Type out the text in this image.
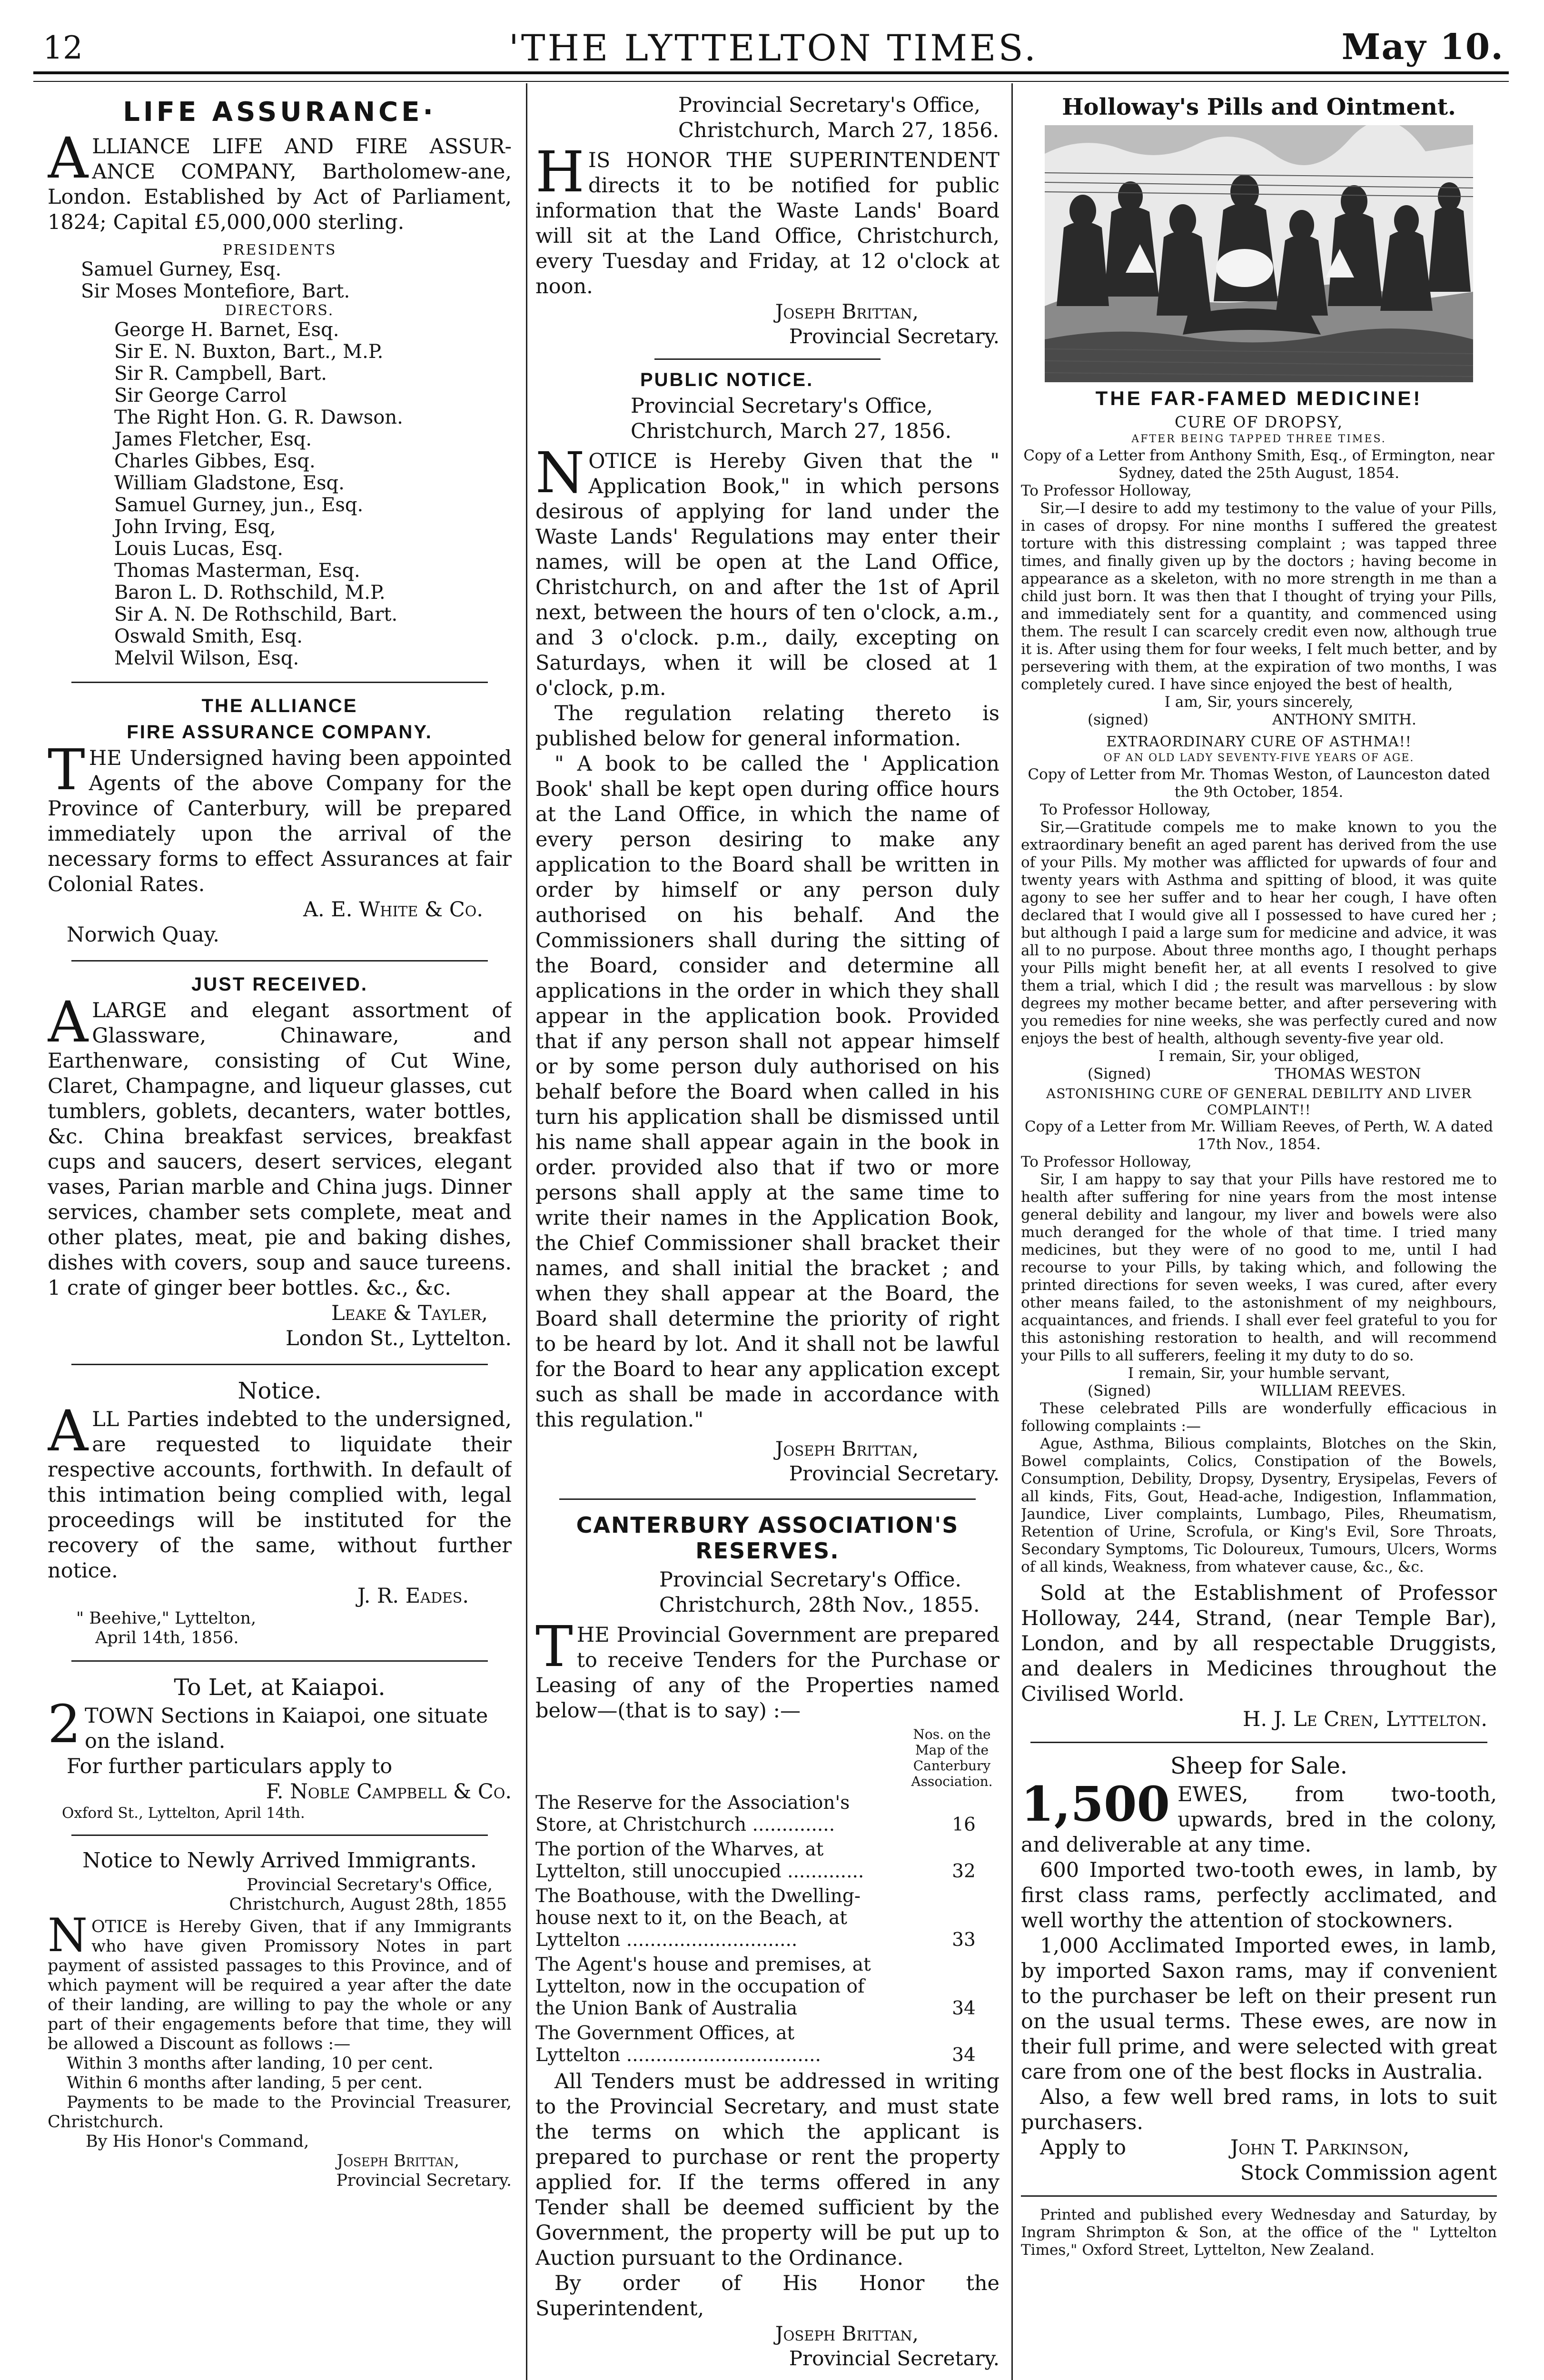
12	'THE LYTTELTON TIMES.	May 10.
LIFE ASSURANCE·

ALLIANCE LIFE AND FIRE ASSUR-ANCE COMPANY, Bartholomew-ane, London. Established by Act of Parliament, 1824; Capital £5,000,000 sterling.

PRESIDENTS
Samuel Gurney, Esq.
Sir Moses Montefiore, Bart.
DIRECTORS.
George H. Barnet, Esq.
Sir E. N. Buxton, Bart., M.P.
Sir R. Campbell, Bart.
Sir George Carrol
The Right Hon. G. R. Dawson.
James Fletcher, Esq.
Charles Gibbes, Esq.
William Gladstone, Esq.
Samuel Gurney, jun., Esq.
John Irving, Esq,
Louis Lucas, Esq.
Thomas Masterman, Esq.
Baron L. D. Rothschild, M.P.
Sir A. N. De Rothschild, Bart.
Oswald Smith, Esq.
Melvil Wilson, Esq.
THE ALLIANCE
FIRE ASSURANCE COMPANY.

THE Undersigned having been appointed Agents of the above Company for the Province of Canterbury, will be prepared immediately upon the arrival of the necessary forms to effect Assurances at fair Colonial Rates.

A. E. White & Co.
Norwich Quay.
JUST RECEIVED.

ALARGE and elegant assortment of Glassware, Chinaware, and Earthenware, consisting of Cut Wine, Claret, Champagne, and liqueur glasses, cut tumblers, goblets, decanters, water bottles, &c. China breakfast services, breakfast cups and saucers, desert services, elegant vases, Parian marble and China jugs. Dinner services, chamber sets complete, meat and other plates, meat, pie and baking dishes, dishes with covers, soup and sauce tureens. 1 crate of ginger beer bottles. &c., &c.

Leake & Tayler,
London St., Lyttelton.
Notice.

ALL Parties indebted to the undersigned, are requested to liquidate their respective accounts, forthwith. In default of this intimation being complied with, legal proceedings will be instituted for the recovery of the same, without further notice.

J. R. Eades.
" Beehive," Lyttelton,
April 14th, 1856.
To Let, at Kaiapoi.

2 TOWN Sections in Kaiapoi, one situate

on the island.
For further particulars apply to
F. Noble Campbell & Co.
Oxford St., Lyttelton, April 14th.
Notice to Newly Arrived Immigrants.
Provincial Secretary's Office,
Christchurch, August 28th, 1855

NOTICE is Hereby Given, that if any Immigrants who have given Promissory Notes in part payment of assisted passages to this Province, and of which payment will be required a year after the date of their landing, are willing to pay the whole or any part of their engagements before that time, they will be allowed a Discount as follows :—

Within 3 months after landing, 10 per cent.
Within 6 months after landing, 5 per cent.
Payments to be made to the Provincial Treasurer, Christchurch.
By His Honor's Command,
Joseph Brittan,
Provincial Secretary.
Provincial Secretary's Office,
Christchurch, March 27, 1856.

HIS HONOR THE SUPERINTENDENT directs it to be notified for public information that the Waste Lands' Board will sit at the Land Office, Christchurch, every Tuesday and Friday, at 12 o'clock at noon.

Joseph Brittan,
Provincial Secretary.
PUBLIC NOTICE.
Provincial Secretary's Office,
Christchurch, March 27, 1856.

NOTICE is Hereby Given that the " Application Book," in which persons desirous of applying for land under the Waste Lands' Regulations may enter their names, will be open at the Land Office, Christchurch, on and after the 1st of April next, between the hours of ten o'clock, a.m., and 3 o'clock. p.m., daily, excepting on Saturdays, when it will be closed at 1 o'clock, p.m.

The regulation relating thereto is published below for general information.

" A book to be called the ' Application Book' shall be kept open during office hours at the Land Office, in which the name of every person desiring to make any application to the Board shall be written in order by himself or any person duly authorised on his behalf. And the Commissioners shall during the sitting of the Board, consider and determine all applications in the order in which they shall appear in the application book. Provided that if any person shall not appear himself or by some person duly authorised on his behalf before the Board when called in his turn his application shall be dismissed until his name shall appear again in the book in order. provided also that if two or more persons shall apply at the same time to write their names in the Application Book, the Chief Commissioner shall bracket their names, and shall initial the bracket ; and when they shall appear at the Board, the Board shall determine the priority of right to be heard by lot. And it shall not be lawful for the Board to hear any application except such as shall be made in accordance with this regulation."

Joseph Brittan,
Provincial Secretary.
CANTERBURY ASSOCIATION'S RESERVES.
Provincial Secretary's Office.
Christchurch, 28th Nov., 1855.

THE Provincial Government are prepared to receive Tenders for the Purchase or Leasing of any of the Properties named below—(that is to say) :—

Nos. on the Map of the Canterbury Association.
The Reserve for the Association's Store, at Christchurch ..............	16
The portion of the Wharves, at Lyttelton, still unoccupied .............	32
The Boathouse, with the Dwelling-house next to it, on the Beach, at Lyttelton .............................	33
The Agent's house and premises, at Lyttelton, now in the occupation of the Union Bank of Australia	34
The Government Offices, at Lyttelton .................................	34

All Tenders must be addressed in writing to the Provincial Secretary, and must state the terms on which the applicant is prepared to purchase or rent the property applied for. If the terms offered in any Tender shall be deemed sufficient by the Government, the property will be put up to Auction pursuant to the Ordinance.

By order of His Honor the Superintendent,

Joseph Brittan,
Provincial Secretary.
Holloway's Pills and Ointment.
THE FAR-FAMED MEDICINE!
CURE OF DROPSY,
AFTER BEING TAPPED THREE TIMES.

Copy of a Letter from Anthony Smith, Esq., of Ermington, near Sydney, dated the 25th August, 1854.

To Professor Holloway,

Sir,—I desire to add my testimony to the value of your Pills, in cases of dropsy. For nine months I suffered the greatest torture with this distressing complaint ; was tapped three times, and finally given up by the doctors ; having become in appearance as a skeleton, with no more strength in me than a child just born. It was then that I thought of trying your Pills, and immediately sent for a quantity, and commenced using them. The result I can scarcely credit even now, although true it is. After using them for four weeks, I felt much better, and by persevering with them, at the expiration of two months, I was completely cured. I have since enjoyed the best of health,

I am, Sir, yours sincerely,
(signed)	ANTHONY SMITH.
EXTRAORDINARY CURE OF ASTHMA!!
OF AN OLD LADY SEVENTY-FIVE YEARS OF AGE.

Copy of Letter from Mr. Thomas Weston, of Launceston dated the 9th October, 1854.

To Professor Holloway,

Sir,—Gratitude compels me to make known to you the extraordinary benefit an aged parent has derived from the use of your Pills. My mother was afflicted for upwards of four and twenty years with Asthma and spitting of blood, it was quite agony to see her suffer and to hear her cough, I have often declared that I would give all I possessed to have cured her ; but although I paid a large sum for medicine and advice, it was all to no purpose. About three months ago, I thought perhaps your Pills might benefit her, at all events I resolved to give them a trial, which I did ; the result was marvellous : by slow degrees my mother became better, and after persevering with you remedies for nine weeks, she was perfectly cured and now enjoys the best of health, although seventy-five year old.

I remain, Sir, your obliged,
(Signed)	THOMAS WESTON
ASTONISHING CURE OF GENERAL DEBILITY AND LIVER COMPLAINT!!

Copy of a Letter from Mr. William Reeves, of Perth, W. A dated 17th Nov., 1854.

To Professor Holloway,

Sir, I am happy to say that your Pills have restored me to health after suffering for nine years from the most intense general debility and langour, my liver and bowels were also much deranged for the whole of that time. I tried many medicines, but they were of no good to me, until I had recourse to your Pills, by taking which, and following the printed directions for seven weeks, I was cured, after every other means failed, to the astonishment of my neighbours, acquaintances, and friends. I shall ever feel grateful to you for this astonishing restoration to health, and will recommend your Pills to all sufferers, feeling it my duty to do so.

I remain, Sir, your humble servant,
(Signed)	WILLIAM REEVES.

These celebrated Pills are wonderfully efficacious in following complaints :—

Ague, Asthma, Bilious complaints, Blotches on the Skin, Bowel complaints, Colics, Constipation of the Bowels, Consumption, Debility, Dropsy, Dysentry, Erysipelas, Fevers of all kinds, Fits, Gout, Head-ache, Indigestion, Inflammation, Jaundice, Liver complaints, Lumbago, Piles, Rheumatism, Retention of Urine, Scrofula, or King's Evil, Sore Throats, Secondary Symptoms, Tic Doloureux, Tumours, Ulcers, Worms of all kinds, Weakness, from whatever cause, &c., &c.

Sold at the Establishment of Professor Holloway, 244, Strand, (near Temple Bar), London, and by all respectable Druggists, and dealers in Medicines throughout the Civilised World.

H. J. Le Cren, Lyttelton.
Sheep for Sale.

1,500 EWES, from two-tooth, upwards, bred in the colony, and deliverable at any time.

600 Imported two-tooth ewes, in lamb, by first class rams, perfectly acclimated, and well worthy the attention of stockowners.

1,000 Acclimated Imported ewes, in lamb, by imported Saxon rams, may if convenient to the purchaser be left on their present run on the usual terms. These ewes, are now in their full prime, and were selected with great care from one of the best flocks in Australia.

Also, a few well bred rams, in lots to suit purchasers.

Apply to	John T. Parkinson,
Stock Commission agent

Printed and published every Wednesday and Saturday, by Ingram Shrimpton & Son, at the office of the " Lyttelton Times," Oxford Street, Lyttelton, New Zealand.
